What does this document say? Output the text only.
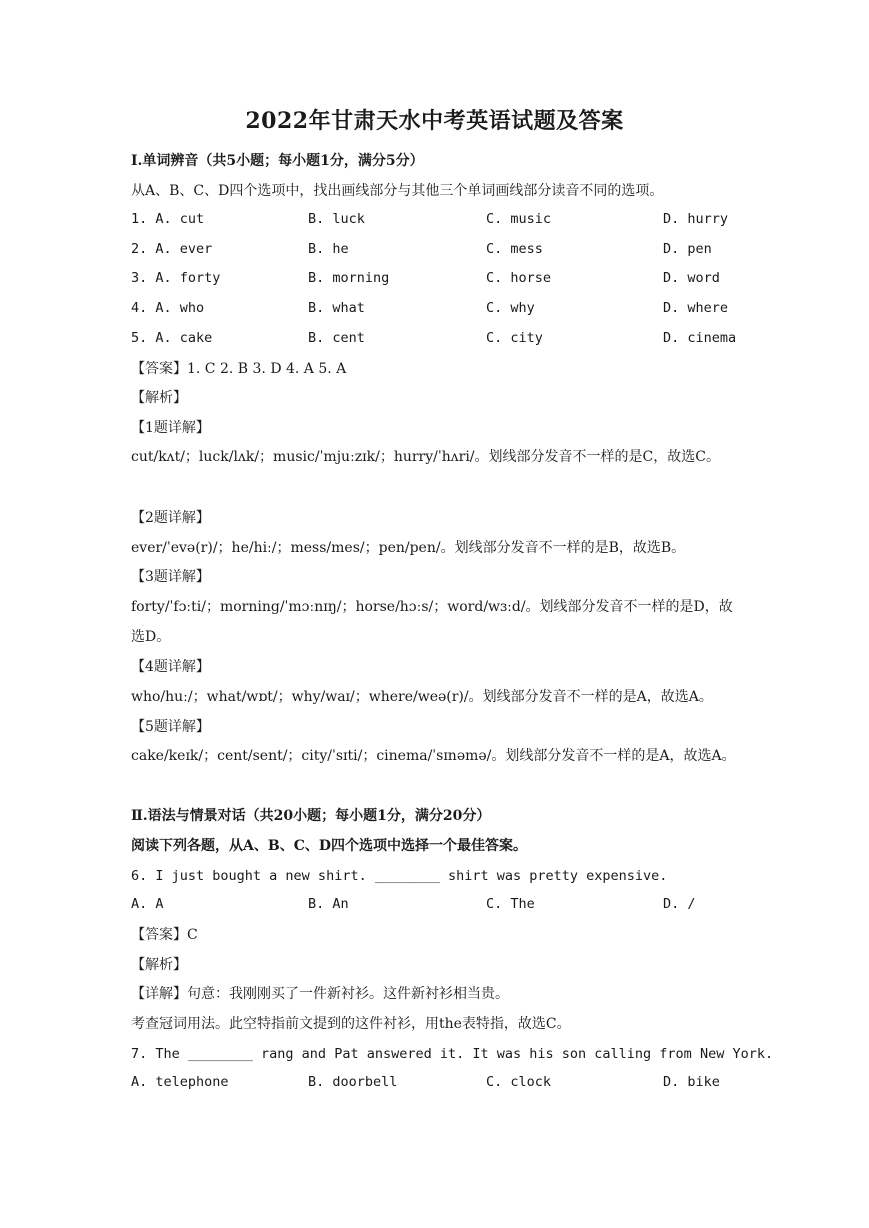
2022年甘肃天水中考英语试题及答案
Ⅰ.单词辨音（共5小题；每小题1分，满分5分）
从A、B、C、D四个选项中，找出画线部分与其他三个单词画线部分读音不同的选项。
1. A. cut	B. luck	C. music	D. hurry
2. A. ever	B. he	C. mess	D. pen
3. A. forty	B. morning	C. horse	D. word
4. A. who	B. what	C. why	D. where
5. A. cake	B. cent	C. city	D. cinema
【答案】1. C 2. B 3. D 4. A 5. A
【解析】
【1题详解】
cut/kʌt/；luck/lʌk/；music/ˈmjuːzɪk/；hurry/ˈhʌri/。划线部分发音不一样的是C，故选C。
【2题详解】
ever/ˈevə(r)/；he/hiː/；mess/mes/；pen/pen/。划线部分发音不一样的是B，故选B。
【3题详解】
forty/ˈfɔːti/；morning/ˈmɔːnɪŋ/；horse/hɔːs/；word/wɜːd/。划线部分发音不一样的是D，故选D。
【4题详解】
who/huː/；what/wɒt/；why/waɪ/；where/weə(r)/。划线部分发音不一样的是A，故选A。
【5题详解】
cake/keɪk/；cent/sent/；city/ˈsɪti/；cinema/ˈsɪnəmə/。划线部分发音不一样的是A，故选A。
Ⅱ.语法与情景对话（共20小题；每小题1分，满分20分）
阅读下列各题，从A、B、C、D四个选项中选择一个最佳答案。
6. I just bought a new shirt. ________ shirt was pretty expensive.
A. A	B. An	C. The	D. /
【答案】C
【解析】
【详解】句意：我刚刚买了一件新衬衫。这件新衬衫相当贵。
考查冠词用法。此空特指前文提到的这件衬衫，用the表特指，故选C。
7. The ________ rang and Pat answered it. It was his son calling from New York.
A. telephone	B. doorbell	C. clock	D. bike
